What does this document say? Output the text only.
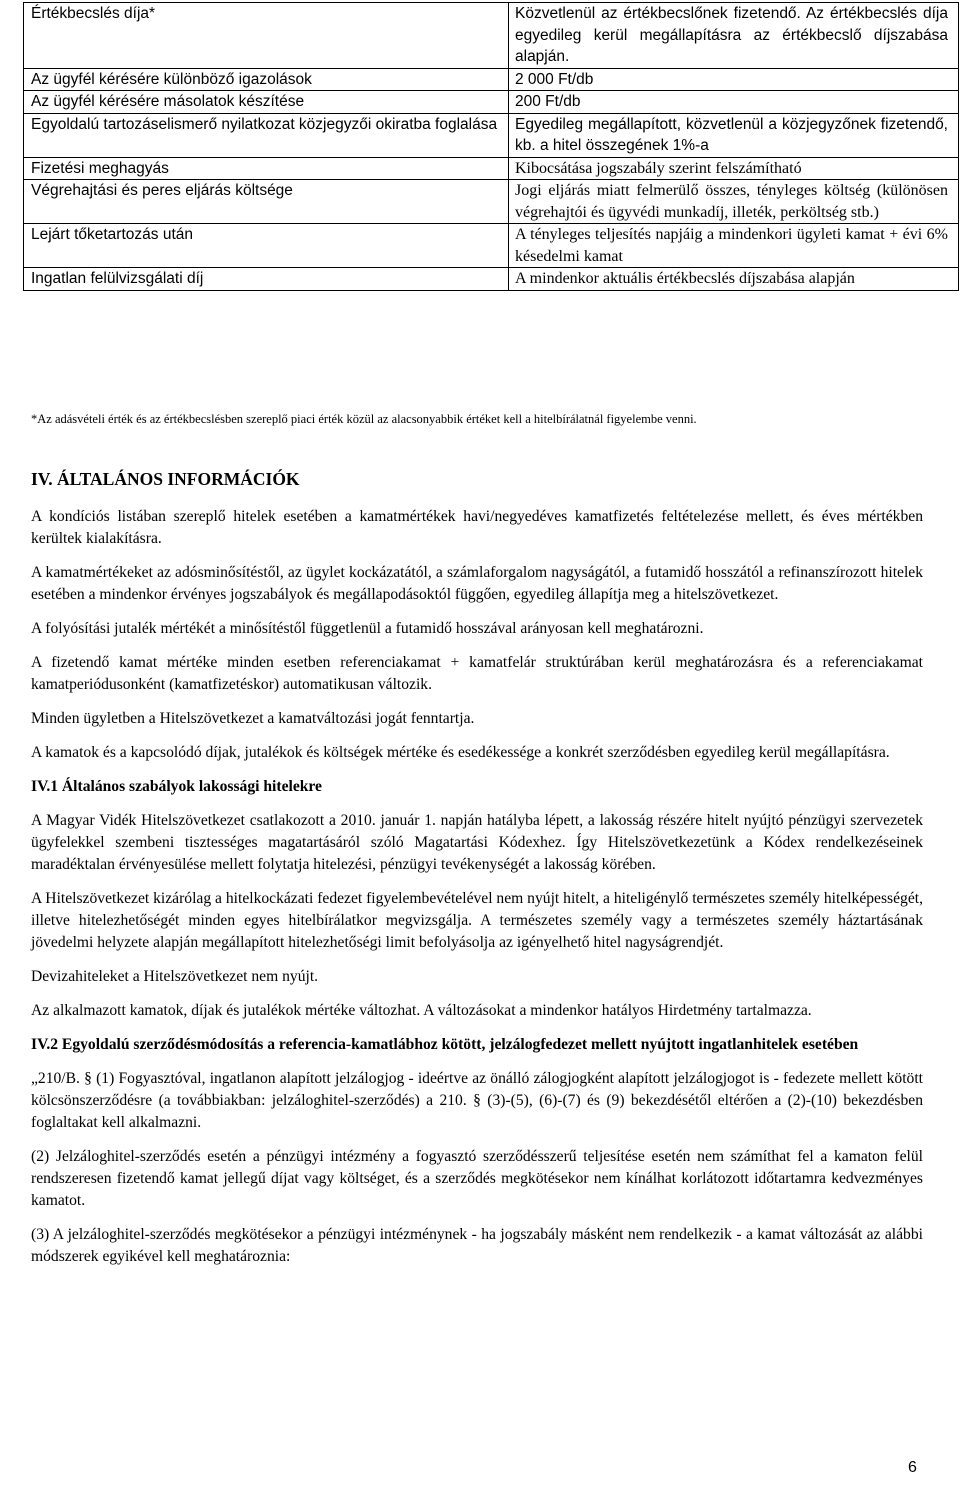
Értékbecslés díja*	Közvetlenül az értékbecslőnek fizetendő. Az értékbecslés díja egyedileg kerül megállapításra az értékbecslő díjszabása alapján.
Az ügyfél kérésére különböző igazolások	2 000 Ft/db
Az ügyfél kérésére másolatok készítése	200 Ft/db
Egyoldalú tartozáselismerő nyilatkozat közjegyzői okiratba foglalása	Egyedileg megállapított, közvetlenül a közjegyzőnek fizetendő, kb. a hitel összegének 1%-a
Fizetési meghagyás	Kibocsátása jogszabály szerint felszámítható
Végrehajtási és peres eljárás költsége	Jogi eljárás miatt felmerülő összes, tényleges költség (különösen végrehajtói és ügyvédi munkadíj, illeték, perköltség stb.)
Lejárt tőketartozás után	A tényleges teljesítés napjáig a mindenkori ügyleti kamat + évi 6% késedelmi kamat
Ingatlan felülvizsgálati díj	A mindenkor aktuális értékbecslés díjszabása alapján
*Az adásvételi érték és az értékbecslésben szereplő piaci érték közül az alacsonyabbik értéket kell a hitelbírálatnál figyelembe venni.
IV. ÁLTALÁNOS INFORMÁCIÓK

A kondíciós listában szereplő hitelek esetében a kamatmértékek havi/negyedéves kamatfizetés feltételezése mellett, és éves mértékben kerültek kialakításra.

A kamatmértékeket az adósminősítéstől, az ügylet kockázatától, a számlaforgalom nagyságától, a futamidő hosszától a refinanszírozott hitelek esetében a mindenkor érvényes jogszabályok és megállapodásoktól függően, egyedileg állapítja meg a hitelszövetkezet.

A folyósítási jutalék mértékét a minősítéstől függetlenül a futamidő hosszával arányosan kell meghatározni.

A fizetendő kamat mértéke minden esetben referenciakamat + kamatfelár struktúrában kerül meghatározásra és a referenciakamat kamatperiódusonként (kamatfizetéskor) automatikusan változik.

Minden ügyletben a Hitelszövetkezet a kamatváltozási jogát fenntartja.

A kamatok és a kapcsolódó díjak, jutalékok és költségek mértéke és esedékessége a konkrét szerződésben egyedileg kerül megállapításra.

IV.1 Általános szabályok lakossági hitelekre

A Magyar Vidék Hitelszövetkezet csatlakozott a 2010. január 1. napján hatályba lépett, a lakosság részére hitelt nyújtó pénzügyi szervezetek ügyfelekkel szembeni tisztességes magatartásáról szóló Magatartási Kódexhez. Így Hitelszövetkezetünk a Kódex rendelkezéseinek maradéktalan érvényesülése mellett folytatja hitelezési, pénzügyi tevékenységét a lakosság körében.

A Hitelszövetkezet kizárólag a hitelkockázati fedezet figyelembevételével nem nyújt hitelt, a hiteligénylő természetes személy hitelképességét, illetve hitelezhetőségét minden egyes hitelbírálatkor megvizsgálja. A természetes személy vagy a természetes személy háztartásának jövedelmi helyzete alapján megállapított hitelezhetőségi limit befolyásolja az igényelhető hitel nagyságrendjét.

Devizahiteleket a Hitelszövetkezet nem nyújt.

Az alkalmazott kamatok, díjak és jutalékok mértéke változhat. A változásokat a mindenkor hatályos Hirdetmény tartalmazza.

IV.2 Egyoldalú szerződésmódosítás a referencia-kamatlábhoz kötött, jelzálogfedezet mellett nyújtott ingatlanhitelek esetében

„210/B. § (1) Fogyasztóval, ingatlanon alapított jelzálogjog - ideértve az önálló zálogjogként alapított jelzálogjogot is - fedezete mellett kötött kölcsönszerződésre (a továbbiakban: jelzáloghitel-szerződés) a 210. § (3)-(5), (6)-(7) és (9) bekezdésétől eltérően a (2)-(10) bekezdésben foglaltakat kell alkalmazni.

(2) Jelzáloghitel-szerződés esetén a pénzügyi intézmény a fogyasztó szerződésszerű teljesítése esetén nem számíthat fel a kamaton felül rendszeresen fizetendő kamat jellegű díjat vagy költséget, és a szerződés megkötésekor nem kínálhat korlátozott időtartamra kedvezményes kamatot.

(3) A jelzáloghitel-szerződés megkötésekor a pénzügyi intézménynek - ha jogszabály másként nem rendelkezik - a kamat változását az alábbi módszerek egyikével kell meghatároznia:

6
